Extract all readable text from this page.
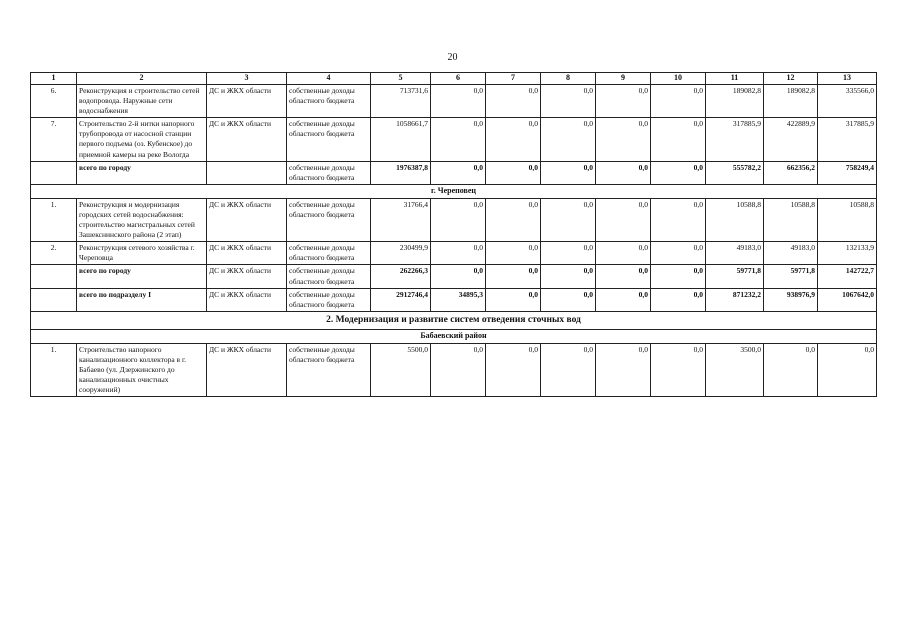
20
1	2	3	4	5	6	7	8	9	10	11	12	13
6.	Реконструкция и строительство сетей водопровода. Наружные сети водоснабжения	ДС и ЖКХ области	собственные доходы областного бюджета	713731,6	0,0	0,0	0,0	0,0	0,0	189082,8	189082,8	335566,0
7.	Строительство 2-й нитки напорного трубопровода от насосной станции первого подъема (оз. Кубенское) до приемной камеры на реке Вологда	ДС и ЖКХ области	собственные доходы областного бюджета	1058661,7	0,0	0,0	0,0	0,0	0,0	317885,9	422889,9	317885,9
	всего по городу		собственные доходы областного бюджета	1976387,8	0,0	0,0	0,0	0,0	0,0	555782,2	662356,2	758249,4
г. Череповец												
1.	Реконструкция и модернизация городских сетей водоснабжения: строительство магистральных сетей Зашекснинского района (2 этап)	ДС и ЖКХ области	собственные доходы областного бюджета	31766,4	0,0	0,0	0,0	0,0	0,0	10588,8	10588,8	10588,8
2.	Реконструкция сетевого хозяйства г. Череповца	ДС и ЖКХ области	собственные доходы областного бюджета	230499,9	0,0	0,0	0,0	0,0	0,0	49183,0	49183,0	132133,9
	всего по городу	ДС и ЖКХ области	собственные доходы областного бюджета	262266,3	0,0	0,0	0,0	0,0	0,0	59771,8	59771,8	142722,7
	всего по подразделу I	ДС и ЖКХ области	собственные доходы областного бюджета	2912746,4	34895,3	0,0	0,0	0,0	0,0	871232,2	938976,9	1067642,0
2. Модернизация и развитие систем отведения сточных вод												
Бабаевский район												
1.	Строительство напорного канализационного коллектора в г. Бабаево (ул. Дзержинского до канализационных очистных сооружений)	ДС и ЖКХ области	собственные доходы областного бюджета	5500,0	0,0	0,0	0,0	0,0	0,0	3500,0	0,0	0,0
